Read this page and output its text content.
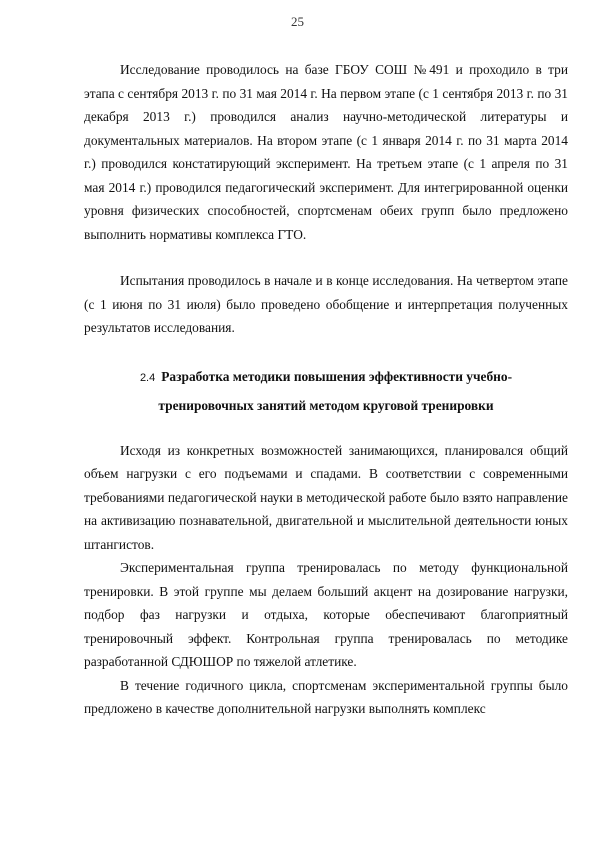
25

Исследование проводилось на базе ГБОУ СОШ №491 и проходило в три этапа с сентября 2013 г. по 31 мая 2014 г. На первом этапе (с 1 сентября 2013 г. по 31 декабря 2013 г.) проводился анализ научно-методической литературы и документальных материалов. На втором этапе (с 1 января 2014 г. по 31 марта 2014 г.) проводился констатирующий эксперимент. На третьем этапе (с 1 апреля по 31 мая 2014 г.) проводился педагогический эксперимент. Для интегрированной оценки уровня физических способностей, спортсменам обеих групп было предложено выполнить нормативы комплекса ГТО.

Испытания проводилось в начале и в конце исследования. На четвертом этапе (с 1 июня по 31 июля) было проведено обобщение и интерпретация полученных результатов исследования.

2.4 Разработка методики повышения эффективности учебно-

тренировочных занятий методом круговой тренировки

Исходя из конкретных возможностей занимающихся, планировался общий объем нагрузки с его подъемами и спадами. В соответствии с современными требованиями педагогической науки в методической работе было взято направление на активизацию познавательной, двигательной и мыслительной деятельности юных штангистов.

Экспериментальная группа тренировалась по методу функциональной тренировки. В этой группе мы делаем больший акцент на дозирование нагрузки, подбор фаз нагрузки и отдыха, которые обеспечивают благоприятный тренировочный эффект. Контрольная группа тренировалась по методике разработанной СДЮШОР по тяжелой атлетике.

В течение годичного цикла, спортсменам экспериментальной группы было предложено в качестве дополнительной нагрузки выполнять комплекс
